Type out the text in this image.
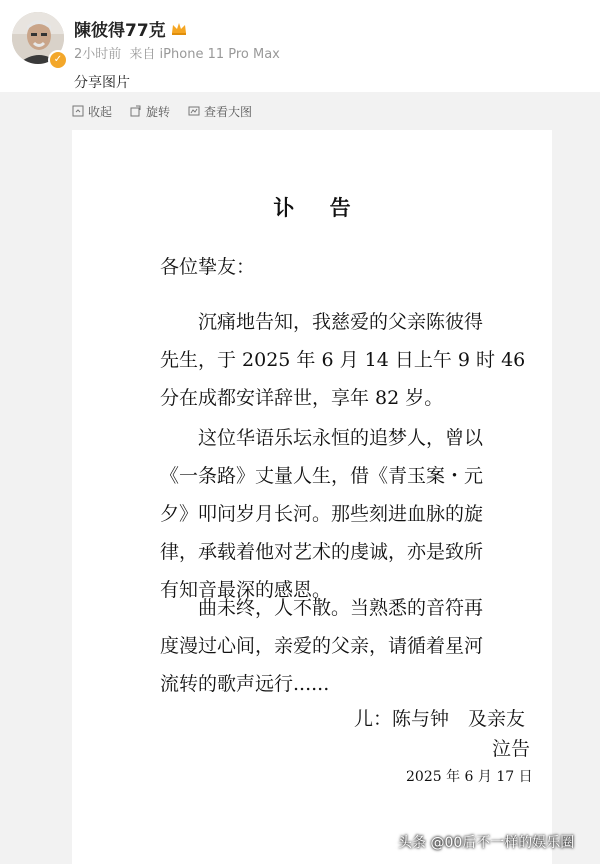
✓
陳彼得77克
2小时前 来自 iPhone 11 Pro Max
分享图片
收起	旋转	查看大图
讣 告
各位挚友：
　　沉痛地告知，我慈爱的父亲陈彼得
先生，于 2025 年 6 月 14 日上午 9 时 46
分在成都安详辞世，享年 82 岁。
　　这位华语乐坛永恒的追梦人，曾以
《一条路》丈量人生，借《青玉案・元
夕》叩问岁月长河。那些刻进血脉的旋
律，承载着他对艺术的虔诚，亦是致所
有知音最深的感恩。
　　曲未终，人不散。当熟悉的音符再
度漫过心间，亲爱的父亲，请循着星河
流转的歌声远行......
儿：陈与钟　及亲友
泣告
2025 年 6 月 17 日
头条 @00后不一样的娱乐圈
